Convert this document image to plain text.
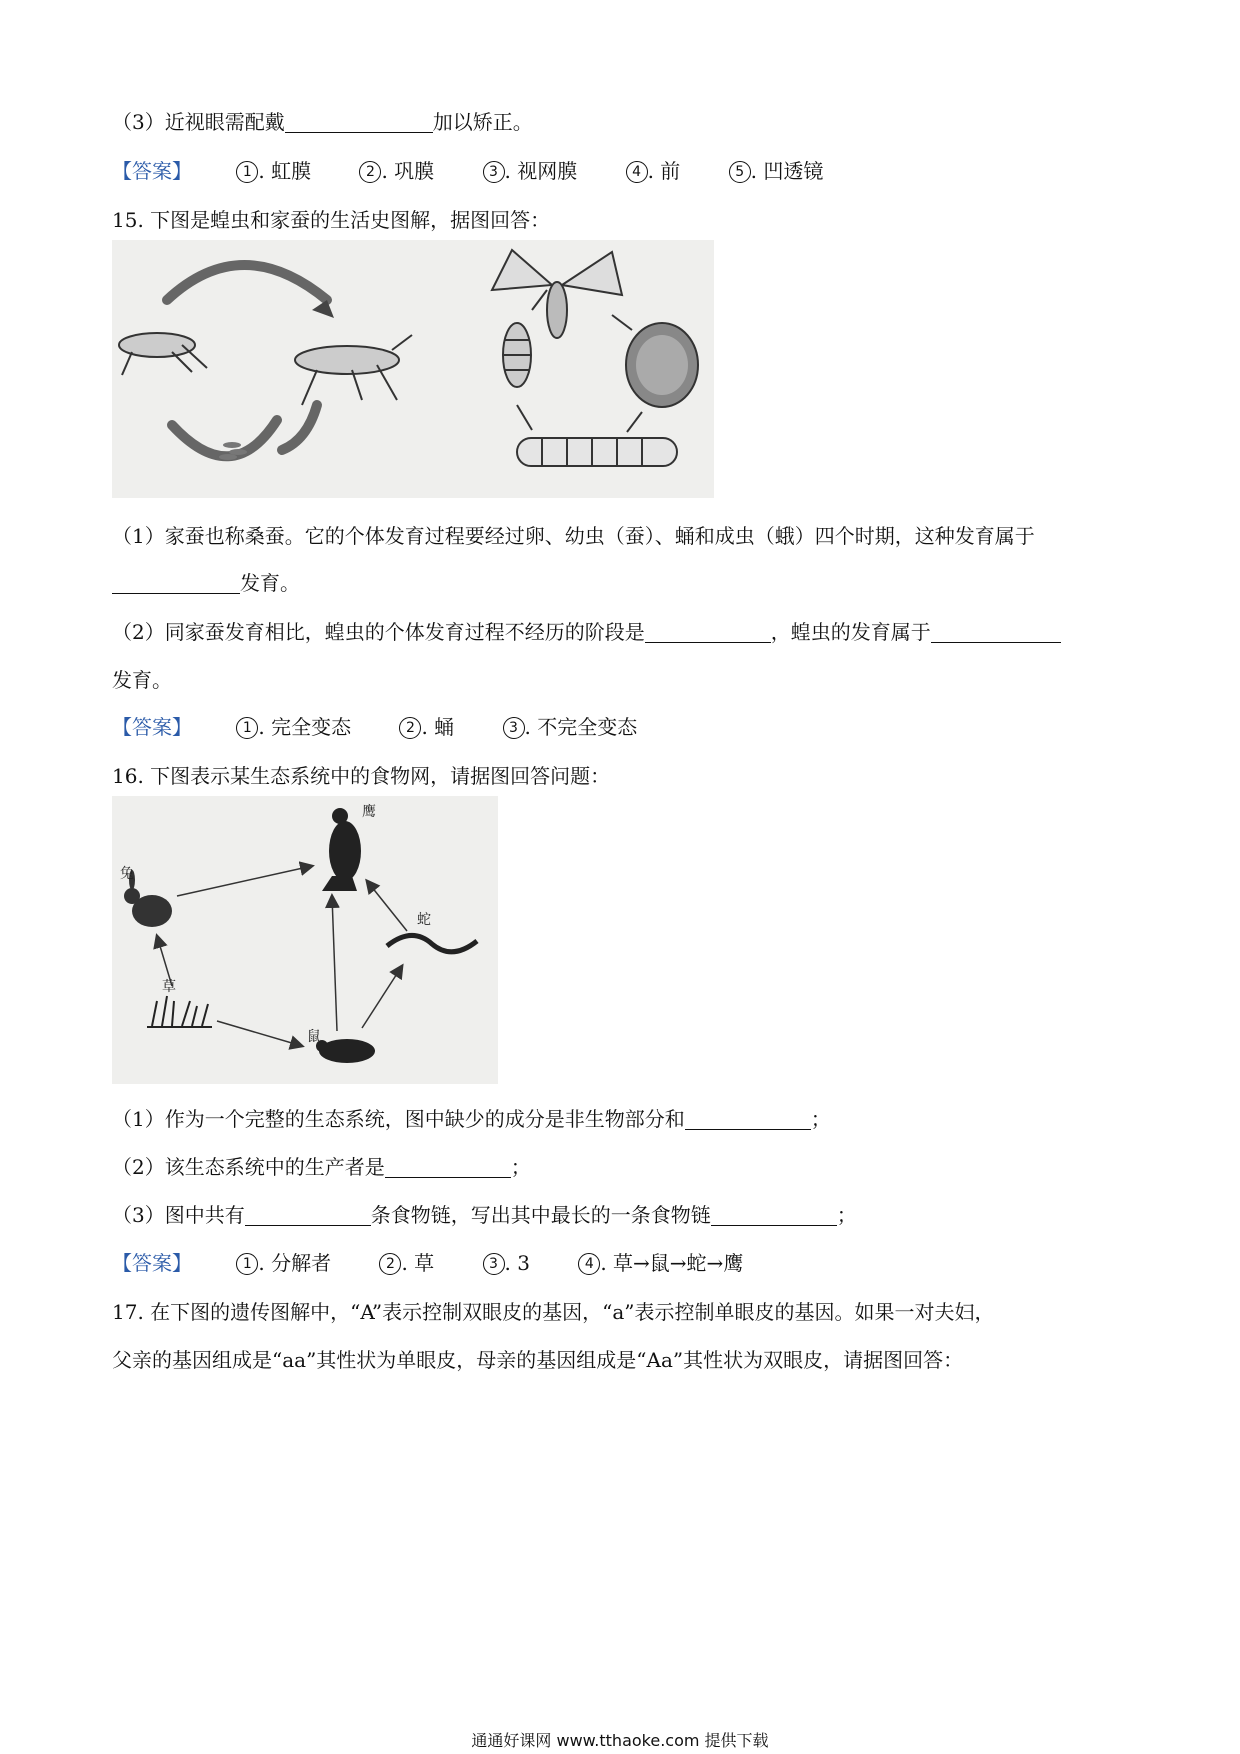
（3）近视眼需配戴	加以矫正。
【答案】	1 . 虹膜	2 . 巩膜	3 . 视网膜	4 . 前	5 . 凹透镜
15. 下图是蝗虫和家蚕的生活史图解，据图回答：
（1）家蚕也称桑蚕。它的个体发育过程要经过卵、幼虫（蚕）、蛹和成虫（蛾）四个时期，这种发育属于
发育。
（2）同家蚕发育相比，蝗虫的个体发育过程不经历的阶段是	，蝗虫的发育属于
发育。
【答案】	1 . 完全变态	2 . 蛹	3 . 不完全变态
16. 下图表示某生态系统中的食物网，请据图回答问题：
鹰
兔
蛇
草
鼠
（1）作为一个完整的生态系统，图中缺少的成分是非生物部分和	；
（2）该生态系统中的生产者是	；
（3）图中共有	条食物链，写出其中最长的一条食物链	；
【答案】	1 . 分解者	2 . 草	3 . 3	4 . 草→鼠→蛇→鹰
17. 在下图的遗传图解中，“A”表示控制双眼皮的基因，“a”表示控制单眼皮的基因。如果一对夫妇，
父亲的基因组成是“aa”其性状为单眼皮，母亲的基因组成是“Aa”其性状为双眼皮，请据图回答：
通通好课网 www.tthaoke.com 提供下载
